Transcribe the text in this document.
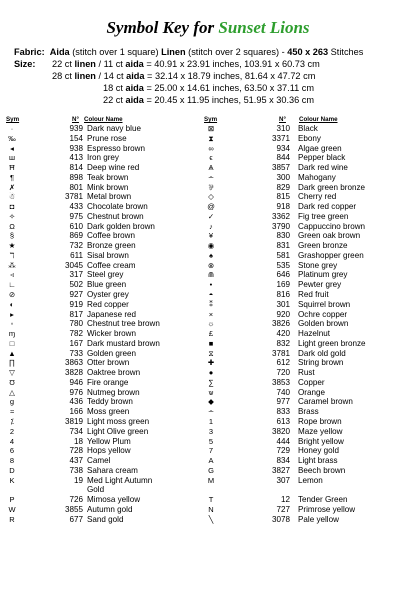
Symbol Key for Sunset Lions
Fabric: Aida (stitch over 1 square) Linen (stitch over 2 squares) - 450 x 263 Stitches
Size: 22 ct linen / 11 ct aida = 40.91 x 23.91 inches, 103.91 x 60.73 cm
28 ct linen / 14 ct aida = 32.14 x 18.79 inches, 81.64 x 47.72 cm
18 ct aida = 25.00 x 14.61 inches, 63.50 x 37.11 cm
22 ct aida = 20.45 x 11.95 inches, 51.95 x 30.36 cm
Sym	N° Colour Name	Sym	N° Colour Name
·	939 Dark navy blue
‰	154 Prune rose
◂	938 Espresso brown
ш	413 Iron grey
Ħ	814 Deep wine red
¶	898 Teak brown
✗	801 Mink brown
☃	3781 Metal brown
◘	433 Chocolate brown
✧	975 Chestnut brown
Ω	610 Dark golden brown
§	869 Coffee brown
★	732 Bronze green
ℸ	611 Sisal brown
⁂	3045 Coffee cream
◃	317 Steel grey
∟	502 Blue green
⊘	927 Oyster grey
◐	919 Red copper
▸	817 Japanese red
◦	780 Chestnut tree brown
ɱ	782 Wicker brown
□	167 Dark mustard brown
▲	733 Golden green
∏	3863 Otter brown
▽	3828 Oaktree brown
Ʊ	946 Fire orange
△	976 Nutmeg brown
g	436 Teddy brown
≈	166 Moss green
⁒	3819 Light moss green
2	734 Light Olive green
4	18 Yellow Plum
6	728 Hops yellow
8	437 Camel
D	738 Sahara cream
K	19 Med Light Autumn
Gold
P	726 Mimosa yellow
W	3855 Autumn gold
R	677 Sand gold
⊠	310 Black
⧗	3371 Ebony
∞	934 Algae green
ϵ	844 Pepper black
Ѧ	3857 Dark red wine
∸	300 Mahogany
⅌	829 Dark green bronze
◇	815 Cherry red
@	918 Dark red copper
✓	3362 Fig tree green
♪	3790 Cappuccino brown
¥	830 Green oak brown
◉	831 Green bronze
♠	581 Grashopper green
⊗	535 Stone grey
⋒	646 Platinum grey
•	169 Pewter grey
◓	816 Red fruit
⁑	301 Squirrel brown
×	920 Ochre copper
☼	3826 Golden brown
£	420 Hazelnut
■	832 Light green bronze
⧖	3781 Dark old gold
✚	612 String brown
●	720 Rust
∑	3853 Copper
ѡ	740 Orange
◆	977 Caramel brown
∸	833 Brass
1	613 Rope brown
3	3820 Maze yellow
5	444 Bright yellow
7	729 Honey gold
A	834 Light brass
G	3827 Beech brown
M	307 Lemon
T	12 Tender Green
N	727 Primrose yellow
╲	3078 Pale yellow
